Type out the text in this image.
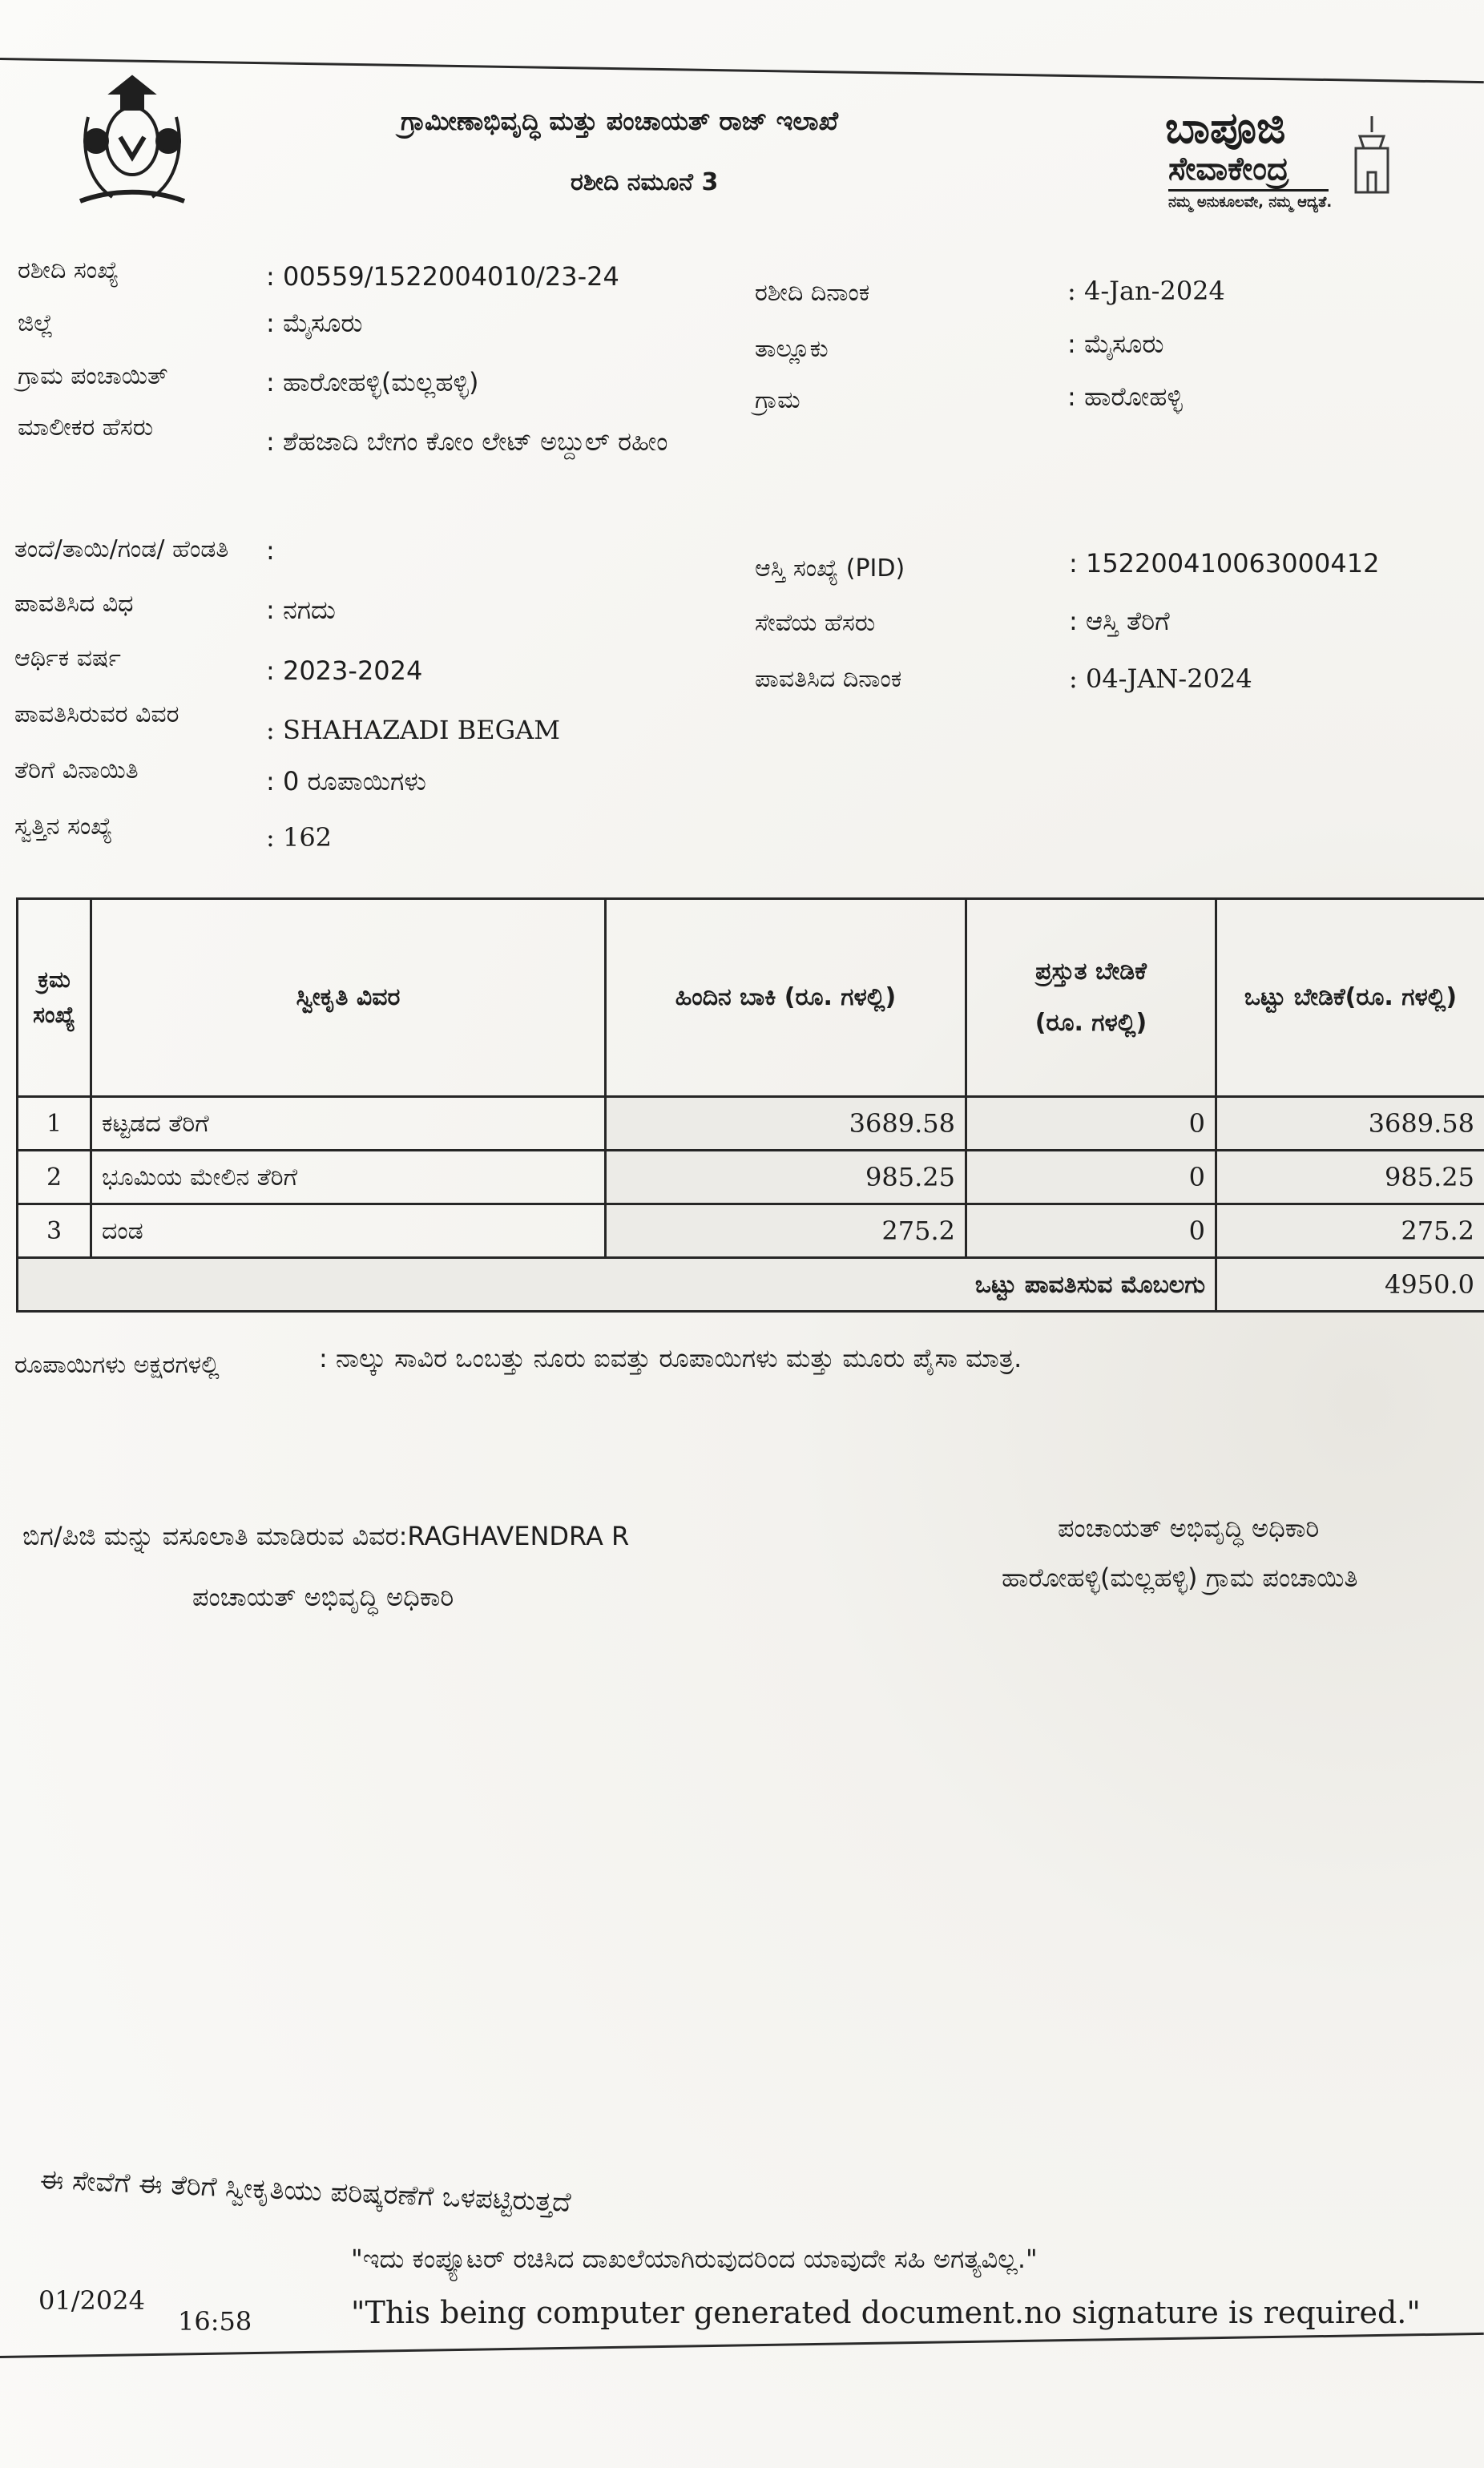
ಗ್ರಾಮೀಣಾಭಿವೃದ್ಧಿ ಮತ್ತು ಪಂಚಾಯತ್ ರಾಜ್ ಇಲಾಖೆ
ರಶೀದಿ ನಮೂನೆ 3
ಬಾಪೂಜಿ
ಸೇವಾಕೇಂದ್ರ
ನಮ್ಮ ಅನುಕೂಲವೇ, ನಮ್ಮ ಆದ್ಯತೆ.
ರಶೀದಿ ಸಂಖ್ಯೆ	: 00559/1522004010/23-24
ಜಿಲ್ಲೆ	: ಮೈಸೂರು
ಗ್ರಾಮ ಪಂಚಾಯಿತ್	: ಹಾರೋಹಳ್ಳಿ(ಮಲ್ಲಹಳ್ಳಿ)
ಮಾಲೀಕರ ಹೆಸರು	: ಶೆಹಜಾದಿ ಬೇಗಂ ಕೋಂ ಲೇಟ್ ಅಬ್ದುಲ್ ರಹೀಂ
ರಶೀದಿ ದಿನಾಂಕ	: 4-Jan-2024
ತಾಲ್ಲೂಕು	: ಮೈಸೂರು
ಗ್ರಾಮ	: ಹಾರೋಹಳ್ಳಿ
ತಂದೆ/ತಾಯಿ/ಗಂಡ/ ಹೆಂಡತಿ :
ಪಾವತಿಸಿದ ವಿಧ	: ನಗದು
ಆರ್ಥಿಕ ವರ್ಷ	: 2023-2024
ಪಾವತಿಸಿರುವರ ವಿವರ
: SHAHAZADI BEGAM
ತೆರಿಗೆ ವಿನಾಯಿತಿ	: 0 ರೂಪಾಯಿಗಳು
ಸ್ವತ್ತಿನ ಸಂಖ್ಯೆ	: 162
ಆಸ್ತಿ ಸಂಖ್ಯೆ (PID)	: 152200410063000412
ಸೇವೆಯ ಹೆಸರು	: ಆಸ್ತಿ ತೆರಿಗೆ
ಪಾವತಿಸಿದ ದಿನಾಂಕ	: 04-JAN-2024
ಕ್ರಮ ಸಂಖ್ಯೆ	ಸ್ವೀಕೃತಿ ವಿವರ	ಹಿಂದಿನ ಬಾಕಿ (ರೂ. ಗಳಲ್ಲಿ)	ಪ್ರಸ್ತುತ ಬೇಡಿಕೆ (ರೂ. ಗಳಲ್ಲಿ)	ಒಟ್ಟು ಬೇಡಿಕೆ(ರೂ. ಗಳಲ್ಲಿ)
1	ಕಟ್ಟಡದ ತೆರಿಗೆ	3689.58	0	3689.58
2	ಭೂಮಿಯ ಮೇಲಿನ ತೆರಿಗೆ	985.25	0	985.25
3	ದಂಡ	275.2	0	275.2
ಒಟ್ಟು ಪಾವತಿಸುವ ಮೊಬಲಗು				4950.0
ರೂಪಾಯಿಗಳು ಅಕ್ಷರಗಳಲ್ಲಿ	: ನಾಲ್ಕು ಸಾವಿರ ಒಂಬತ್ತು ನೂರು ಐವತ್ತು ರೂಪಾಯಿಗಳು ಮತ್ತು ಮೂರು ಪೈಸಾ ಮಾತ್ರ.
ಬಿಗ/ಪಿಜಿ ಮನ್ನು ವಸೂಲಾತಿ ಮಾಡಿರುವ ವಿವರ:RAGHAVENDRA R
ಪಂಚಾಯತ್ ಅಭಿವೃದ್ಧಿ ಅಧಿಕಾರಿ
ಪಂಚಾಯತ್ ಅಭಿವೃದ್ಧಿ ಅಧಿಕಾರಿ
ಹಾರೋಹಳ್ಳಿ(ಮಲ್ಲಹಳ್ಳಿ) ಗ್ರಾಮ ಪಂಚಾಯಿತಿ
ಈ ಸೇವೆಗೆ ಈ ತೆರಿಗೆ ಸ್ವೀಕೃತಿಯು ಪರಿಷ್ಕರಣೆಗೆ ಒಳಪಟ್ಟಿರುತ್ತದೆ
"ಇದು ಕಂಪ್ಯೂಟರ್ ರಚಿಸಿದ ದಾಖಲೆಯಾಗಿರುವುದರಿಂದ ಯಾವುದೇ ಸಹಿ ಅಗತ್ಯವಿಲ್ಲ."
"This being computer generated document.no signature is required."
01/2024
16:58
